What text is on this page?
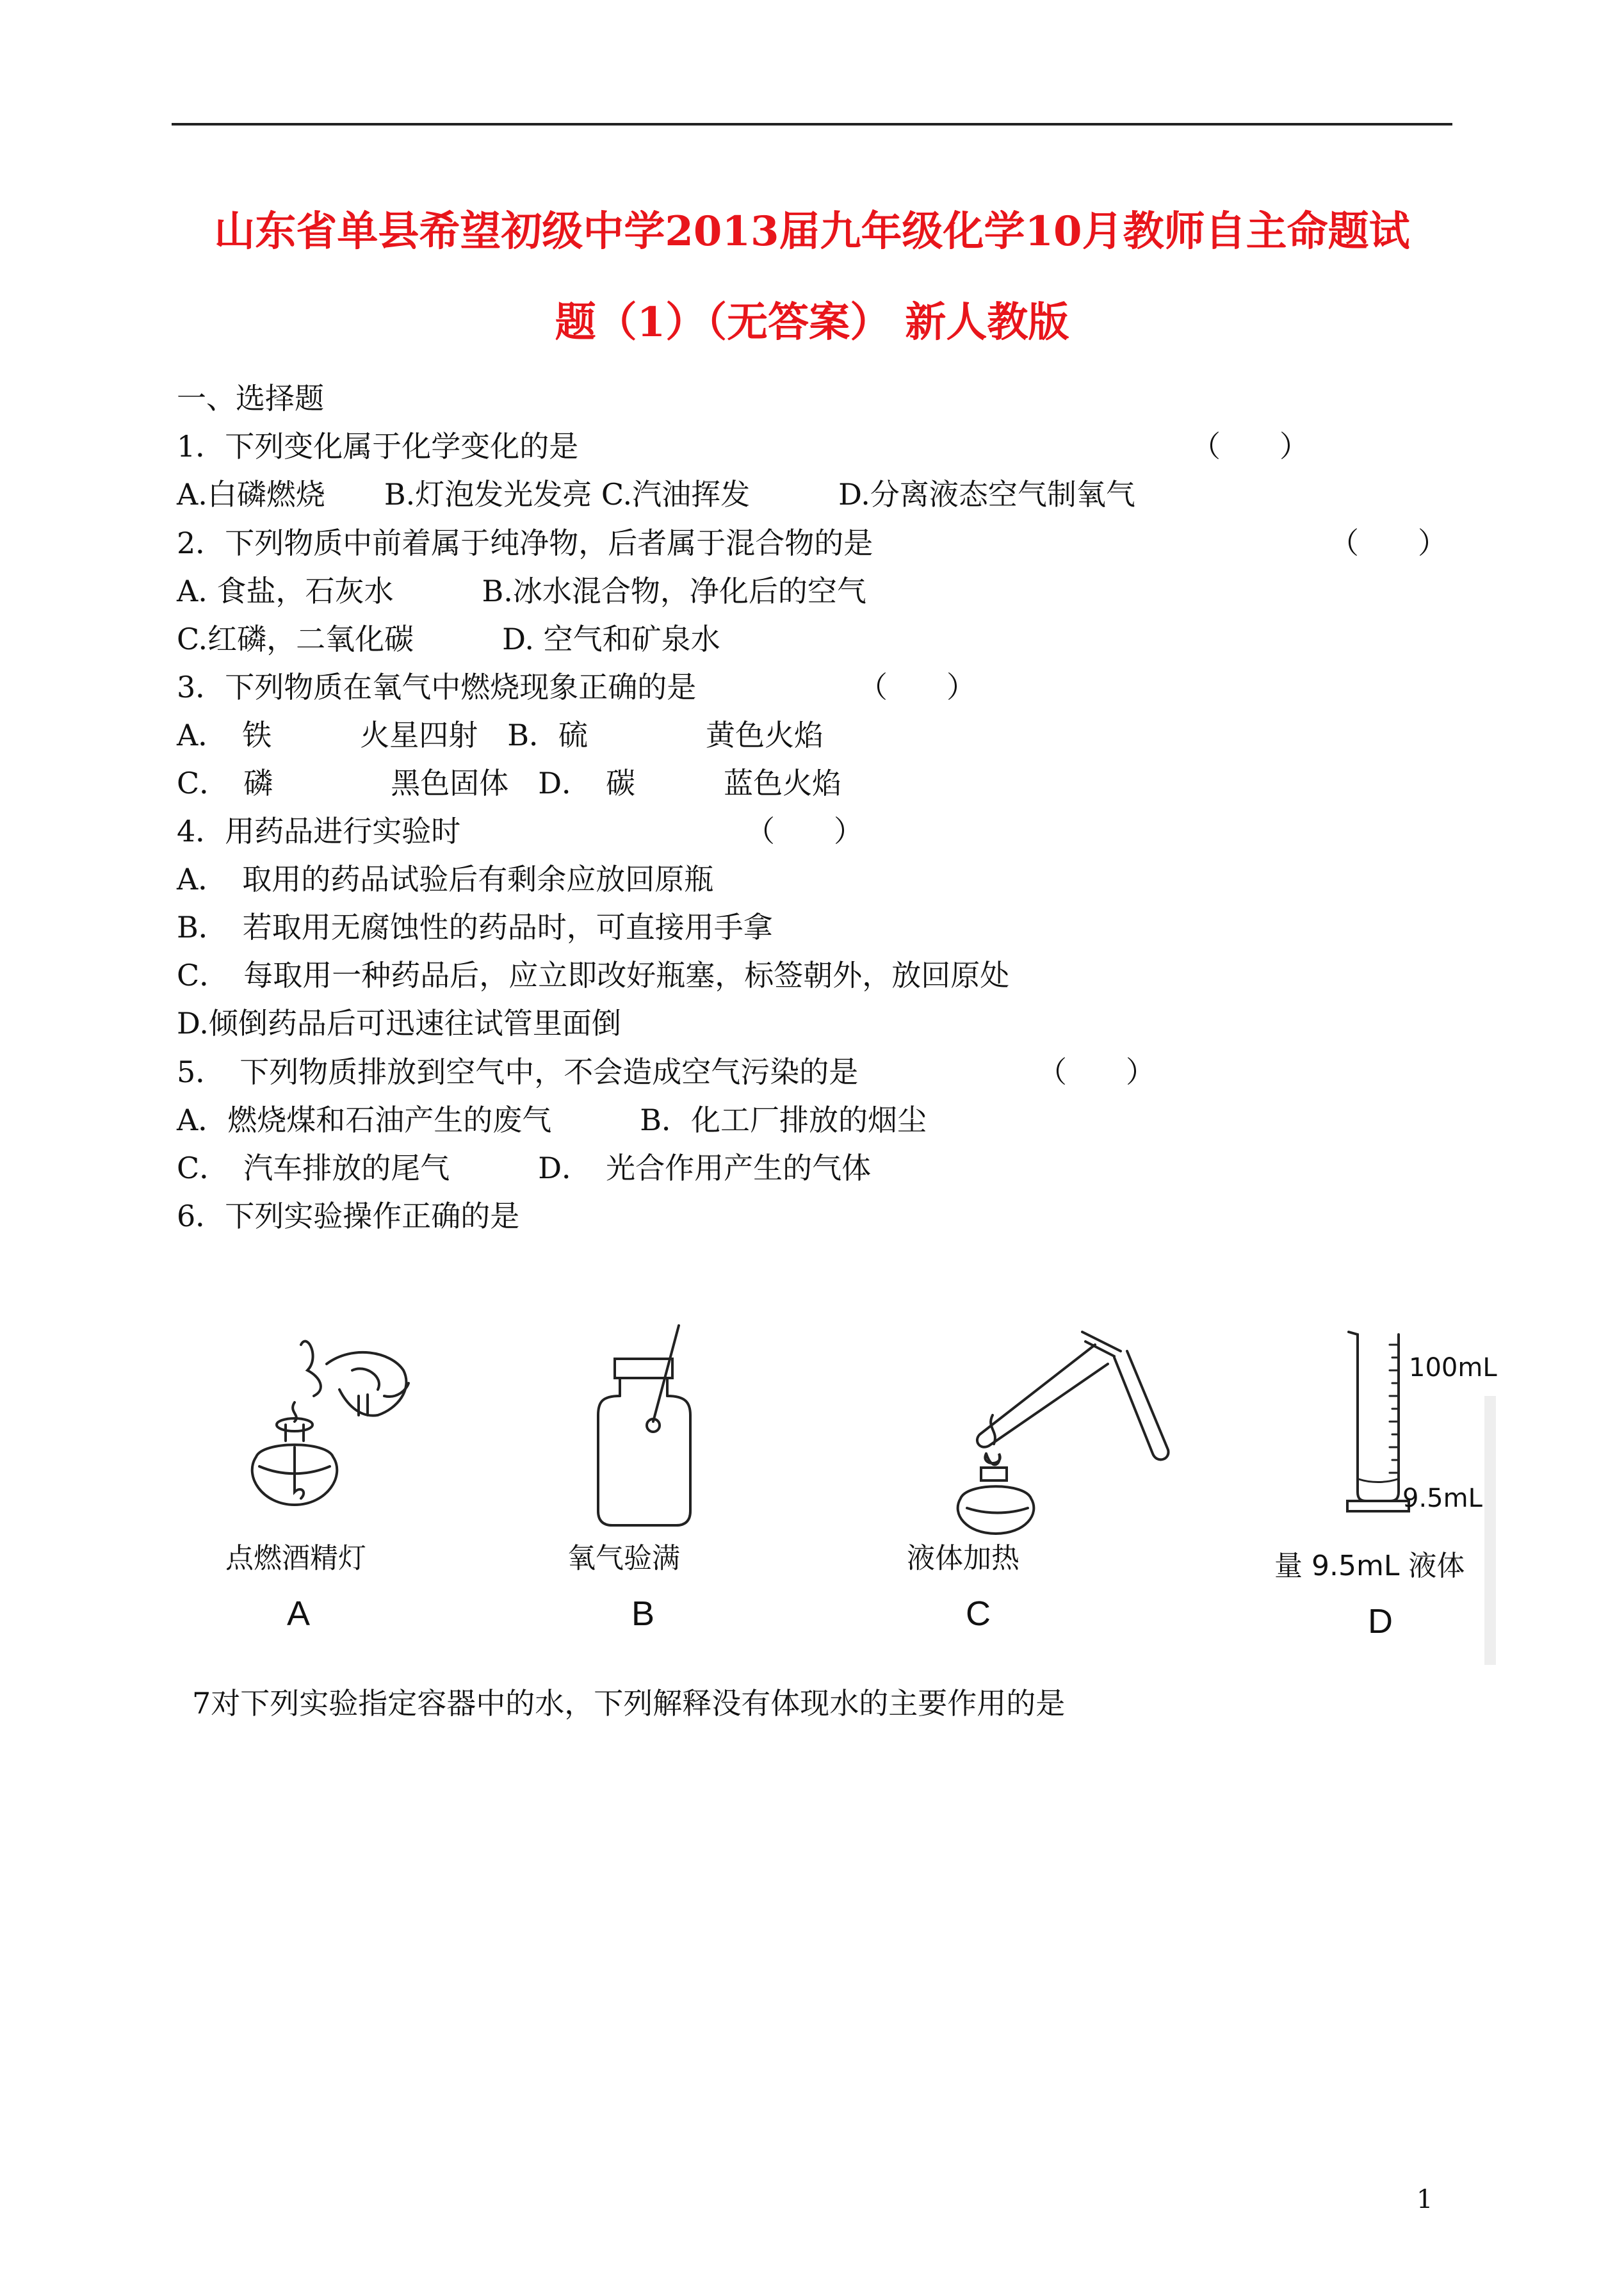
山东省单县希望初级中学2013届九年级化学10月教师自主命题试
题（1）（无答案） 新人教版
一、选择题
1．下列变化属于化学变化的是	（　　）
A.白磷燃烧　　B.灯泡发光发亮 C.汽油挥发　　　D.分离液态空气制氧气
2．下列物质中前着属于纯净物，后者属于混合物的是	（　　）
A. 食盐，石灰水　　　B.冰水混合物，净化后的空气
C.红磷，二氧化碳　　　D. 空气和矿泉水
3．下列物质在氧气中燃烧现象正确的是	（　　）
A．　铁　　　火星四射　B．硫　　　　黄色火焰
C．　磷　　　　黑色固体　D．　碳　　　蓝色火焰
4．用药品进行实验时	（　　）
A．　取用的药品试验后有剩余应放回原瓶
B．　若取用无腐蚀性的药品时，可直接用手拿
C．　每取用一种药品后，应立即改好瓶塞，标签朝外，放回原处
D.倾倒药品后可迅速往试管里面倒
5．　下列物质排放到空气中，不会造成空气污染的是	（　　）
A．燃烧煤和石油产生的废气　　　B．化工厂排放的烟尘
C．　汽车排放的尾气　　　D．　光合作用产生的气体
6．下列实验操作正确的是
点燃酒精灯
A
氧气验满
B
液体加热
C
100mL
9.5mL
量 9.5mL 液体
D
7对下列实验指定容器中的水，下列解释没有体现水的主要作用的是
1
